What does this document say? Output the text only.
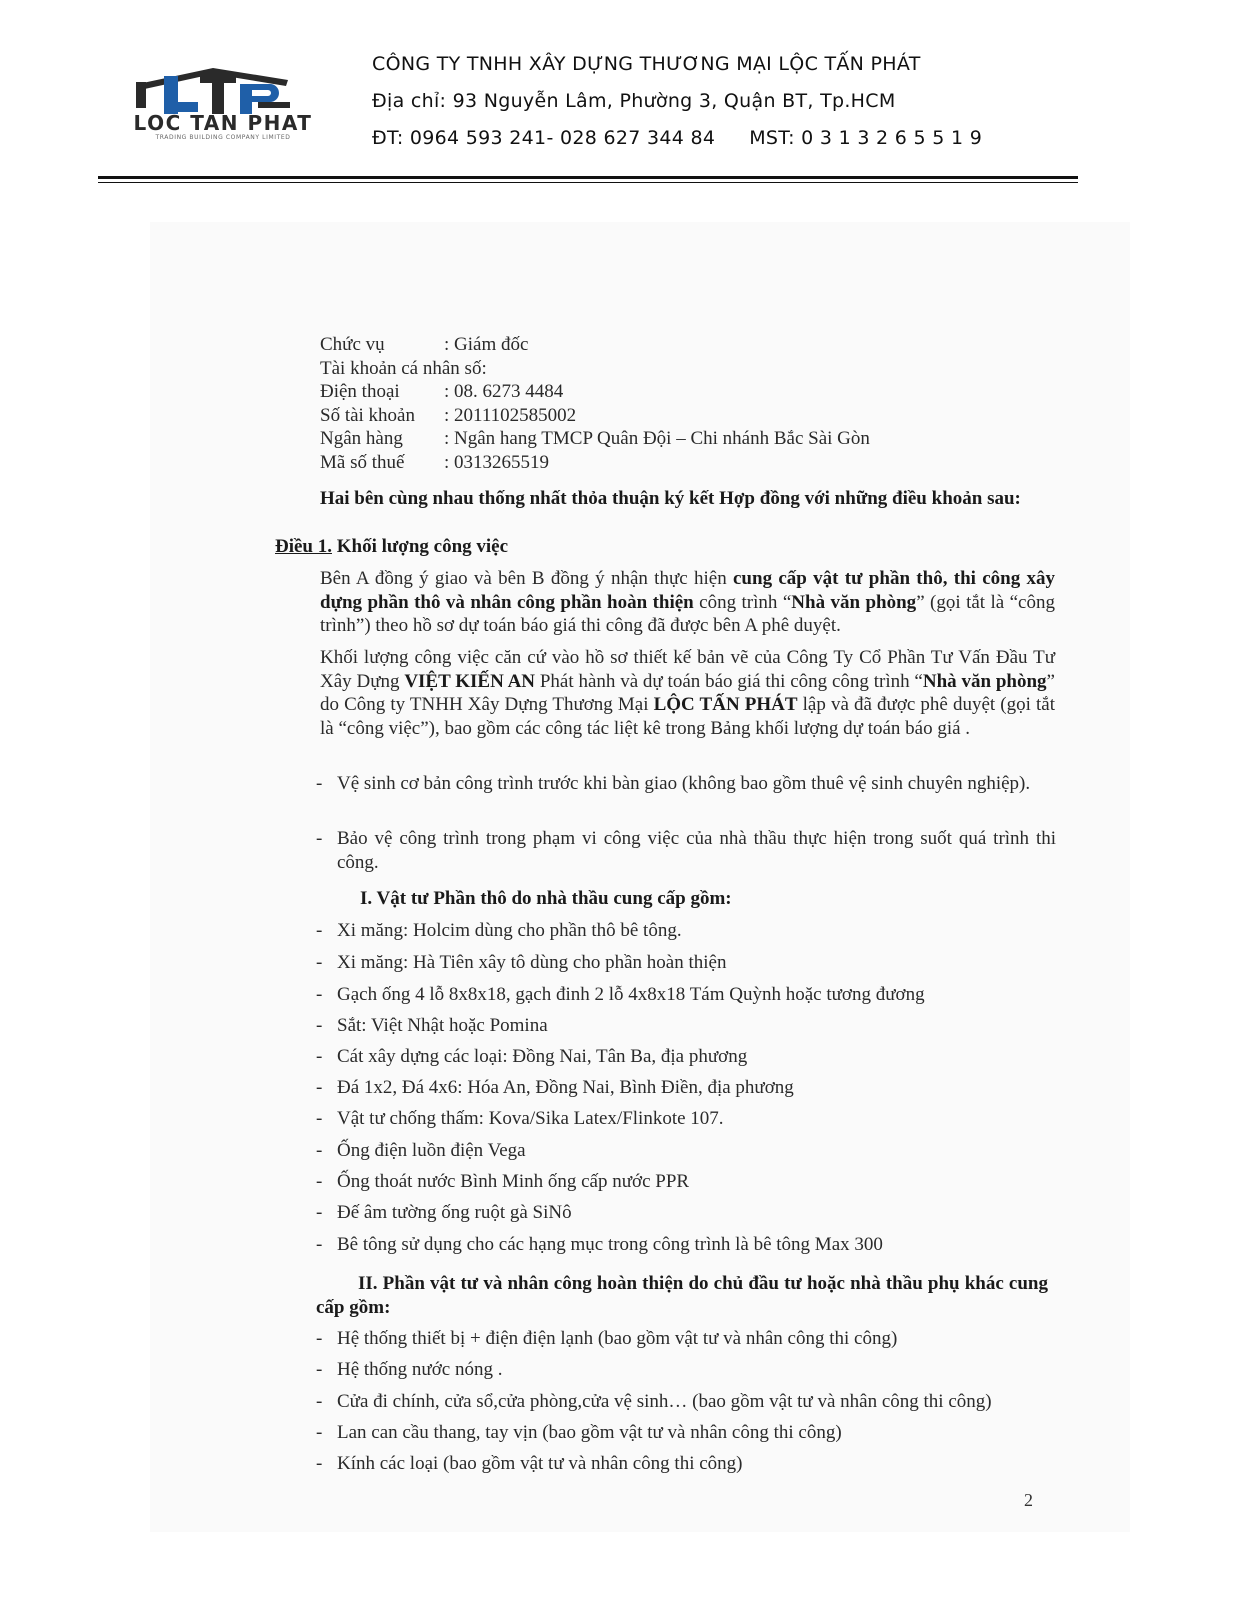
LOC TAN PHAT
TRADING BUILDING COMPANY LIMITED
CÔNG TY TNHH XÂY DỰNG THƯƠNG MẠI LỘC TẤN PHÁT
Địa chỉ: 93 Nguyễn Lâm, Phường 3, Quận BT, Tp.HCM
ĐT: 0964 593 241- 028 627 344 84 MST: 0 3 1 3 2 6 5 5 1 9
Chức vụ	: Giám đốc
Tài khoản cá nhân số:
Điện thoại : 08. 6273 4484
Số tài khoản : 2011102585002
Ngân hàng : Ngân hang TMCP Quân Đội – Chi nhánh Bắc Sài Gòn
Mã số thuế : 0313265519
Hai bên cùng nhau thống nhất thỏa thuận ký kết Hợp đồng với những điều khoản sau:
Điều 1. Khối lượng công việc
Bên A đồng ý giao và bên B đồng ý nhận thực hiện cung cấp vật tư phần thô, thi công xây dựng phần thô và nhân công phần hoàn thiện công trình “Nhà văn phòng” (gọi tắt là “công trình”) theo hồ sơ dự toán báo giá thi công đã được bên A phê duyệt.
Khối lượng công việc căn cứ vào hồ sơ thiết kế bản vẽ của Công Ty Cổ Phần Tư Vấn Đầu Tư Xây Dựng VIỆT KIẾN AN Phát hành và dự toán báo giá thi công công trình “Nhà văn phòng” do Công ty TNHH Xây Dựng Thương Mại LỘC TẤN PHÁT lập và đã được phê duyệt (gọi tắt là “công việc”), bao gồm các công tác liệt kê trong Bảng khối lượng dự toán báo giá .
- Vệ sinh cơ bản công trình trước khi bàn giao (không bao gồm thuê vệ sinh chuyên nghiệp).
- Bảo vệ công trình trong phạm vi công việc của nhà thầu thực hiện trong suốt quá trình thi công.
I. Vật tư Phần thô do nhà thầu cung cấp gồm:
- Xi măng: Holcim dùng cho phần thô bê tông.
- Xi măng: Hà Tiên xây tô dùng cho phần hoàn thiện
- Gạch ống 4 lỗ 8x8x18, gạch đinh 2 lỗ 4x8x18 Tám Quỳnh hoặc tương đương
- Sắt: Việt Nhật hoặc Pomina
- Cát xây dựng các loại: Đồng Nai, Tân Ba, địa phương
- Đá 1x2, Đá 4x6: Hóa An, Đồng Nai, Bình Điền, địa phương
- Vật tư chống thấm: Kova/Sika Latex/Flinkote 107.
- Ống điện luồn điện Vega
- Ống thoát nước Bình Minh ống cấp nước PPR
- Đế âm tường ống ruột gà SiNô
- Bê tông sử dụng cho các hạng mục trong công trình là bê tông Max 300
II. Phần vật tư và nhân công hoàn thiện do chủ đầu tư hoặc nhà thầu phụ khác cung cấp gồm:
- Hệ thống thiết bị + điện điện lạnh (bao gồm vật tư và nhân công thi công)
- Hệ thống nước nóng .
- Cửa đi chính, cửa sổ,cửa phòng,cửa vệ sinh… (bao gồm vật tư và nhân công thi công)
- Lan can cầu thang, tay vịn (bao gồm vật tư và nhân công thi công)
- Kính các loại (bao gồm vật tư và nhân công thi công)
2
